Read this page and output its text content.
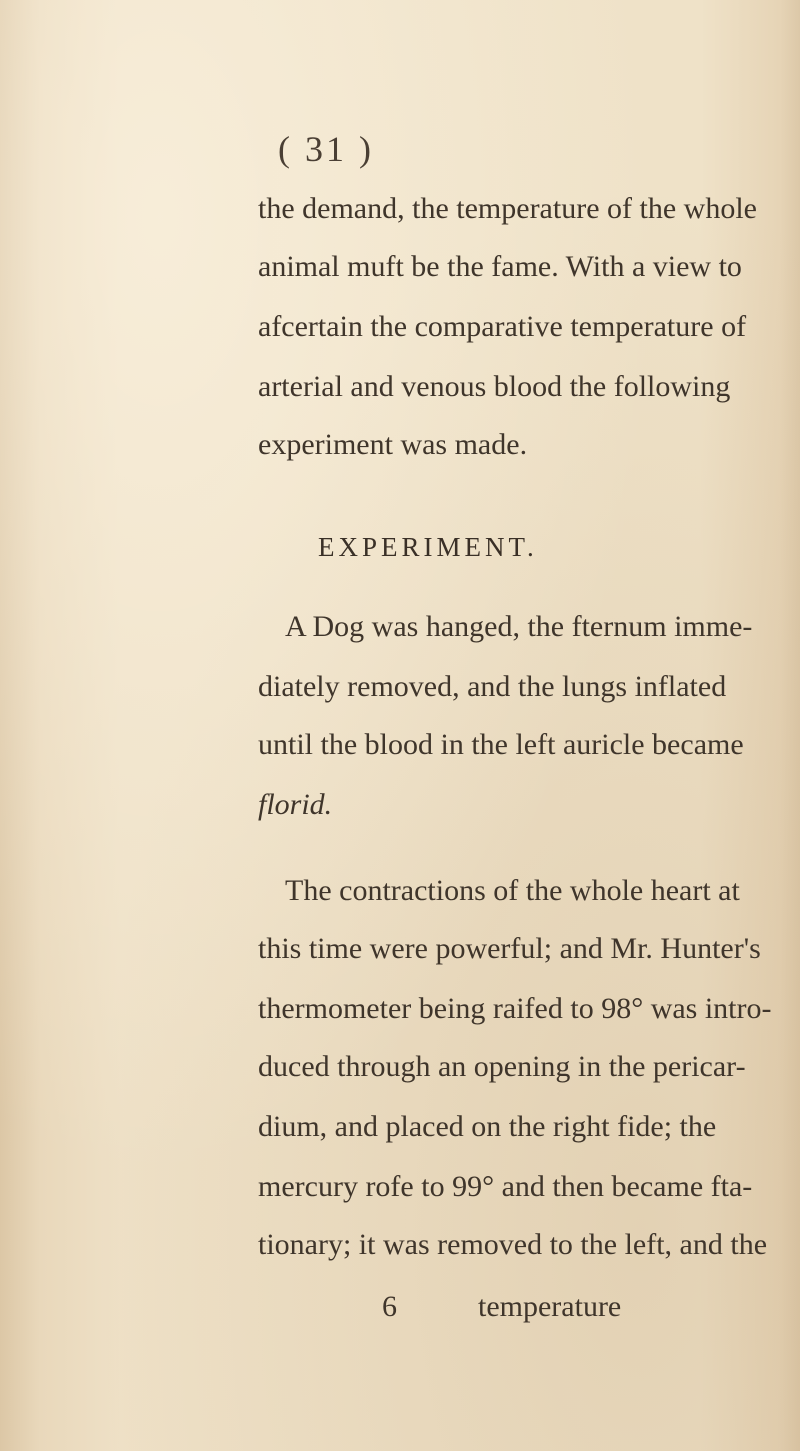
( 31 )
the demand, the temperature of the whole
animal muft be the fame. With a view to
afcertain the comparative temperature of
arterial and venous blood the following
experiment was made.
EXPERIMENT.
A Dog was hanged, the fternum imme-
diately removed, and the lungs inflated
until the blood in the left auricle became
florid.
The contractions of the whole heart at
this time were powerful; and Mr. Hunter's
thermometer being raifed to 98° was intro-
duced through an opening in the pericar-
dium, and placed on the right fide; the
mercury rofe to 99° and then became fta-
tionary; it was removed to the left, and the
6	temperature
